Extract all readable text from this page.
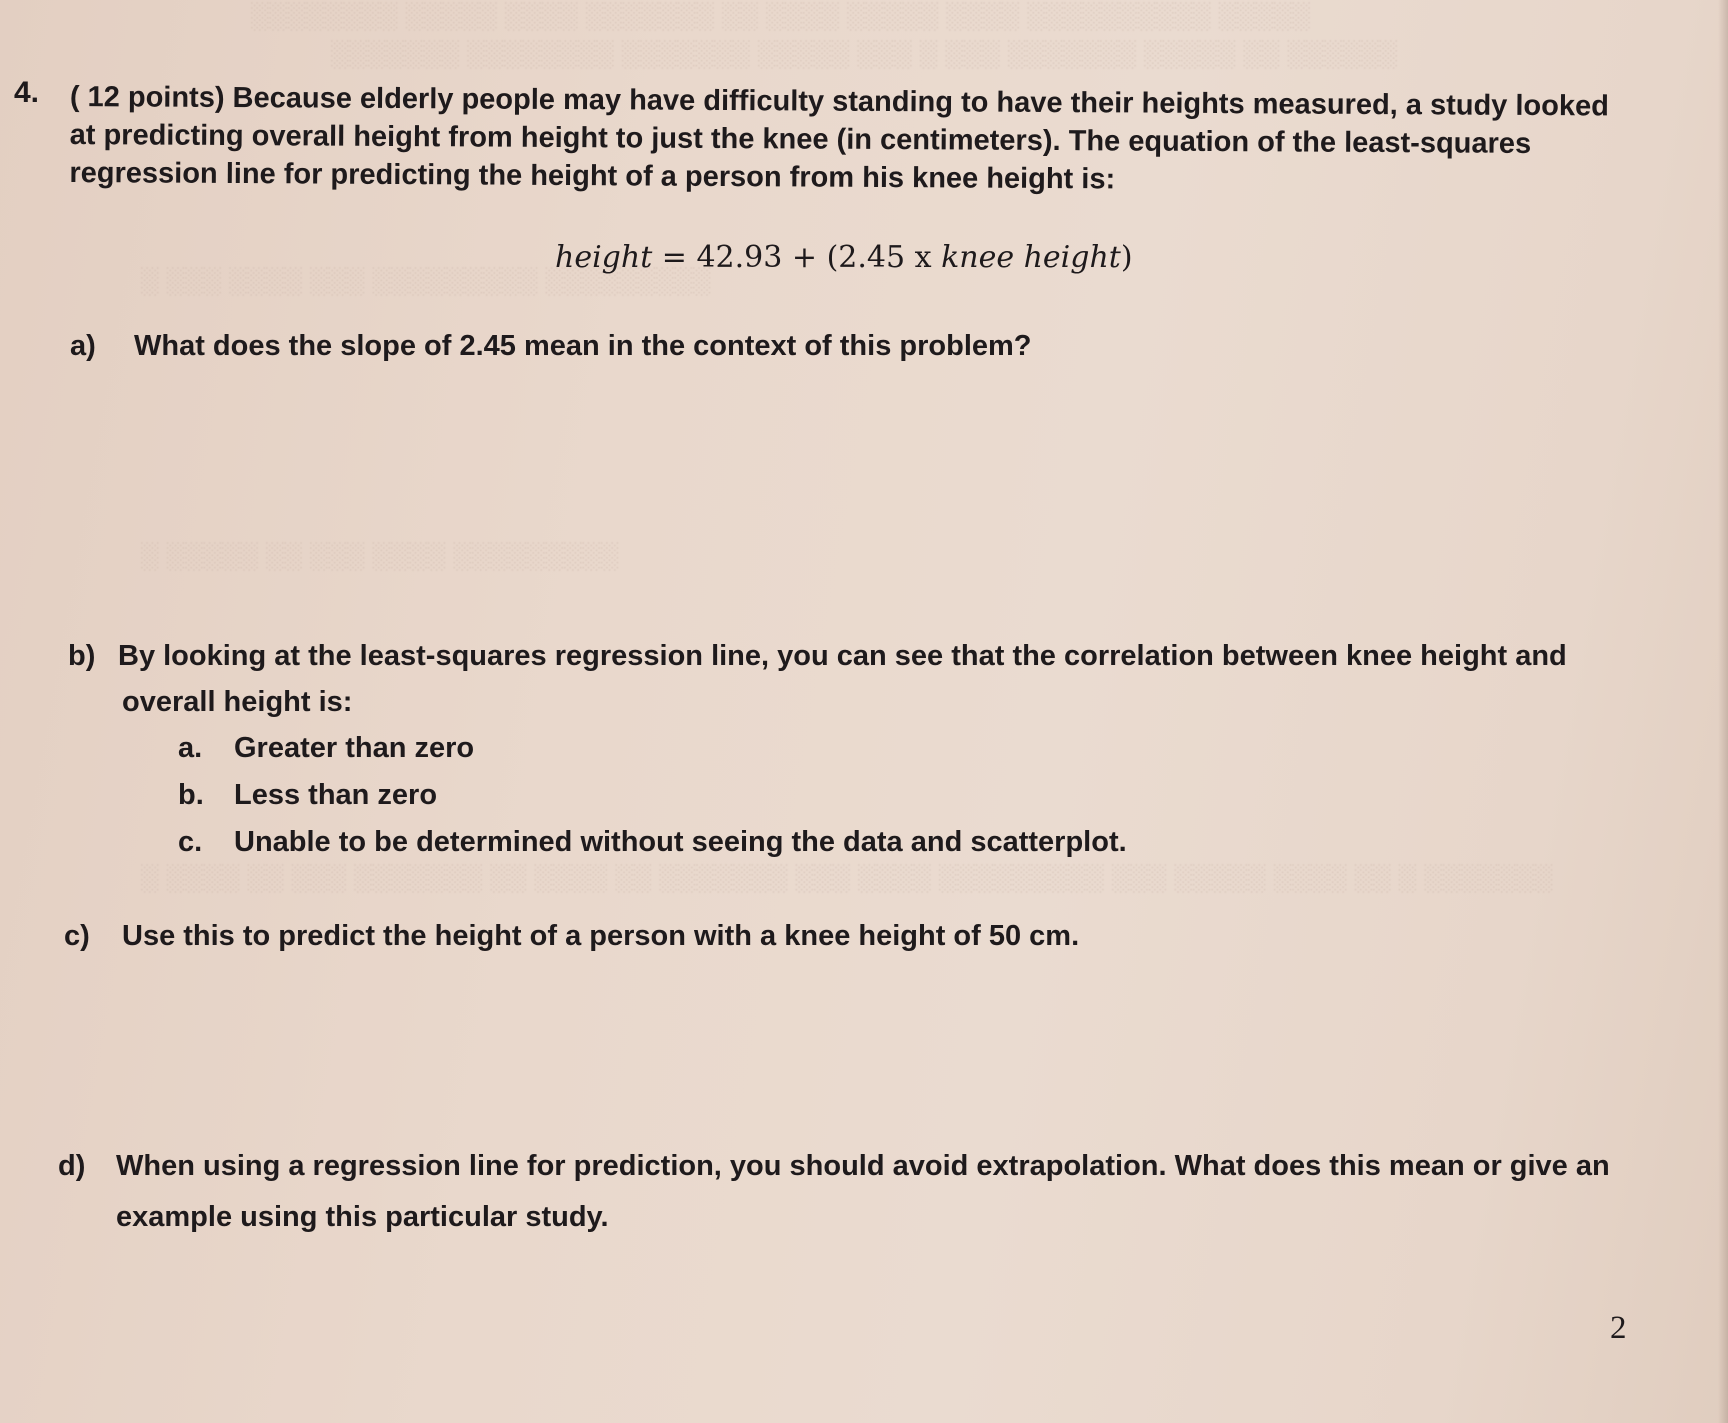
░░░░░░░░ ░░░░░ ░░░░ ░░░░░░░ ░░ ░░░░ ░░░░░ ░░░░ ░░░░░░░░░░ ░░░░░
░░░░░░░ ░░░░░░░░ ░░░░░░░ ░░░░░ ░░░ ░ ░░░ ░░░░░░░ ░░░░░ ░░ ░░░░░░
░ ░░░ ░░░░ ░░░ ░░░░░░░░░ ░░░░░░░░░
░ ░░░░░ ░░ ░░░ ░░░░ ░░░░░░░░░
░ ░░░░ ░░ ░░░ ░░░░░░░ ░░ ░░░░ ░░ ░░░░░░░ ░░░ ░░░░ ░░░░░░░░░ ░░░ ░░░░░ ░░░░ ░░ ░ ░░░░░░░
4. ( 12 points) Because elderly people may have difficulty standing to have their heights measured, a study looked
at predicting overall height from height to just the knee (in centimeters). The equation of the least-squares
regression line for predicting the height of a person from his knee height is:
height = 42.93 + (2.45 x knee height)
a) What does the slope of 2.45 mean in the context of this problem?
b) By looking at the least-squares regression line, you can see that the correlation between knee height and
overall height is:
a. Greater than zero
b. Less than zero
c. Unable to be determined without seeing the data and scatterplot.
c) Use this to predict the height of a person with a knee height of 50 cm.
d) When using a regression line for prediction, you should avoid extrapolation. What does this mean or give an
example using this particular study.
2
